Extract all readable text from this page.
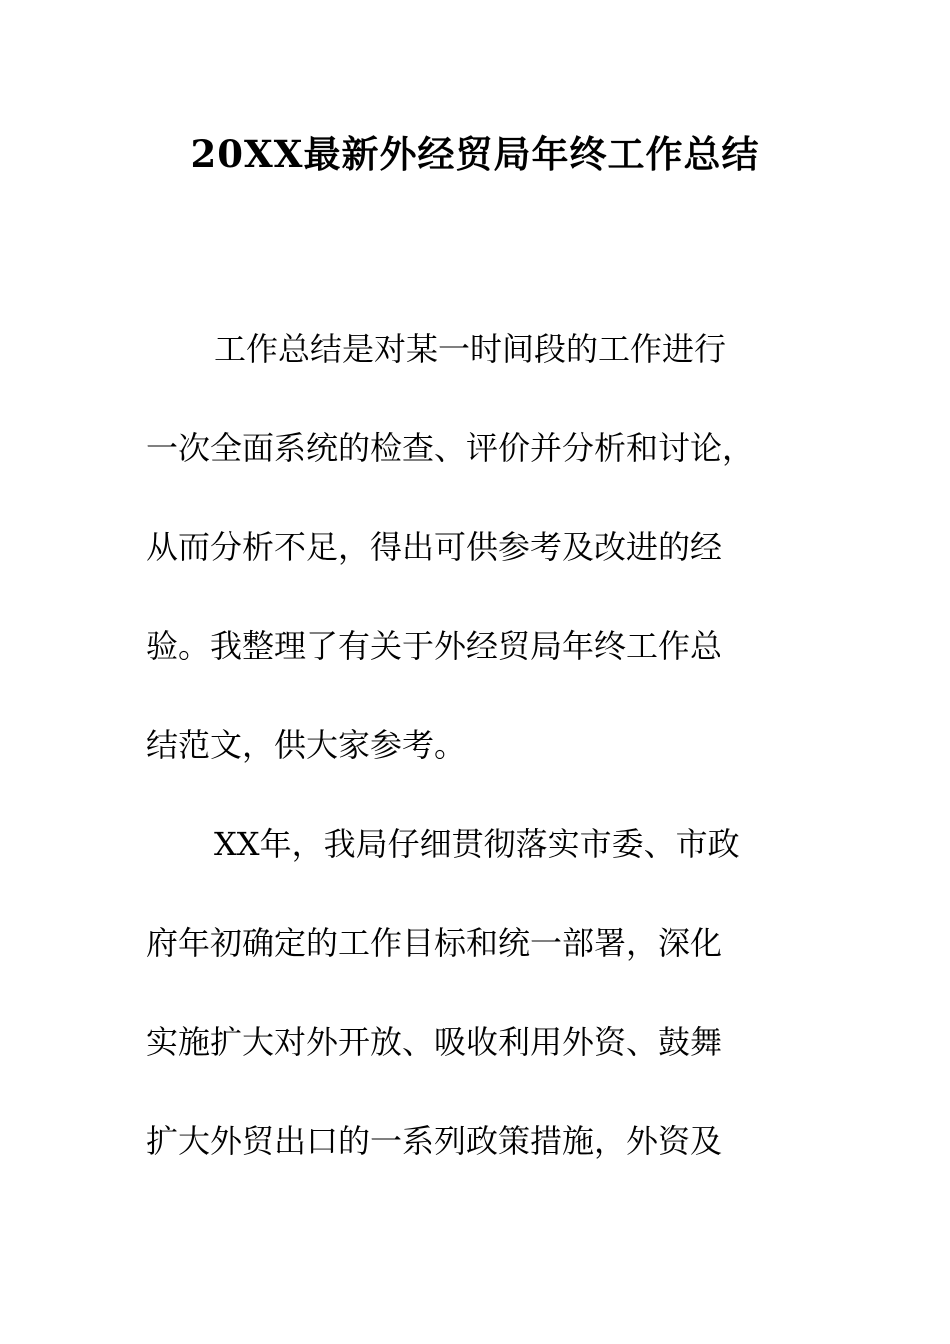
20XX最新外经贸局年终工作总结
工作总结是对某一时间段的工作进行
一次全面系统的检查、评价并分析和讨论，
从而分析不足，得出可供参考及改进的经
验。我整理了有关于外经贸局年终工作总
结范文，供大家参考。
XX年，我局仔细贯彻落实市委、市政
府年初确定的工作目标和统一部署，深化
实施扩大对外开放、吸收利用外资、鼓舞
扩大外贸出口的一系列政策措施，外资及
